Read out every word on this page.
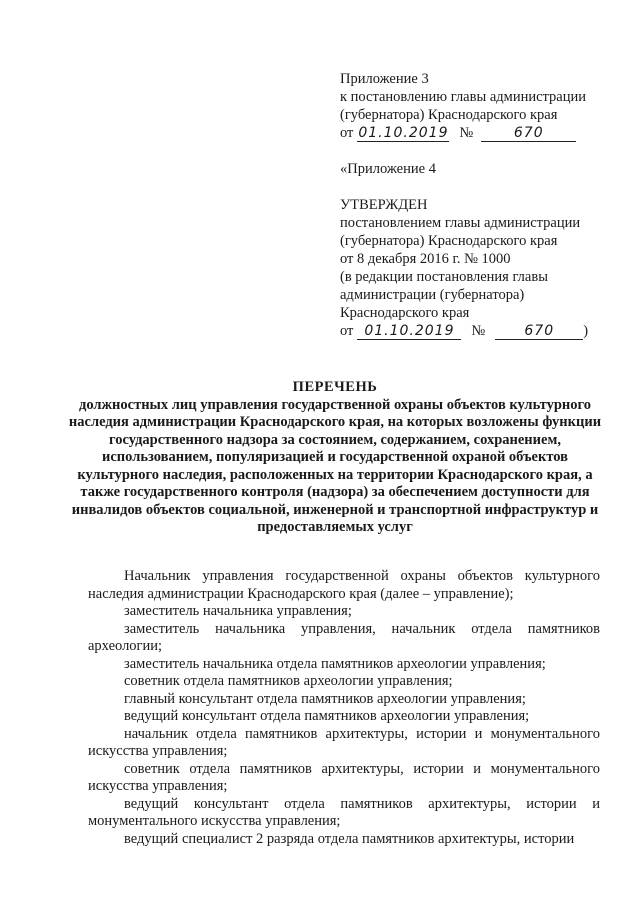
Приложение 3
к постановлению главы администрации
(губернатора) Краснодарского края
от 01.10.2019 №	670
«Приложение 4
УТВЕРЖДЕН
постановлением главы администрации
(губернатора) Краснодарского края
от 8 декабря 2016 г. № 1000
(в редакции постановления главы
администрации (губернатора)
Краснодарского края
от 01.10.2019	№	670	)
ПЕРЕЧЕНЬ
должностных лиц управления государственной охраны объектов культурного наследия администрации Краснодарского края, на которых возложены функции государственного надзора за состоянием, содержанием, сохранением, использованием, популяризацией и государственной охраной объектов культурного наследия, расположенных на территории Краснодарского края, а также государственного контроля (надзора) за обеспечением доступности для инвалидов объектов социальной, инженерной и транспортной инфраструктур и предоставляемых услуг

Начальник управления государственной охраны объектов культурного наследия администрации Краснодарского края (далее – управление);

заместитель начальника управления;

заместитель начальника управления, начальник отдела памятников археологии;

заместитель начальника отдела памятников археологии управления;

советник отдела памятников археологии управления;

главный консультант отдела памятников археологии управления;

ведущий консультант отдела памятников археологии управления;

начальник отдела памятников архитектуры, истории и монументального искусства управления;

советник отдела памятников архитектуры, истории и монументального искусства управления;

ведущий консультант отдела памятников архитектуры, истории и монументального искусства управления;

ведущий специалист 2 разряда отдела памятников архитектуры, истории
